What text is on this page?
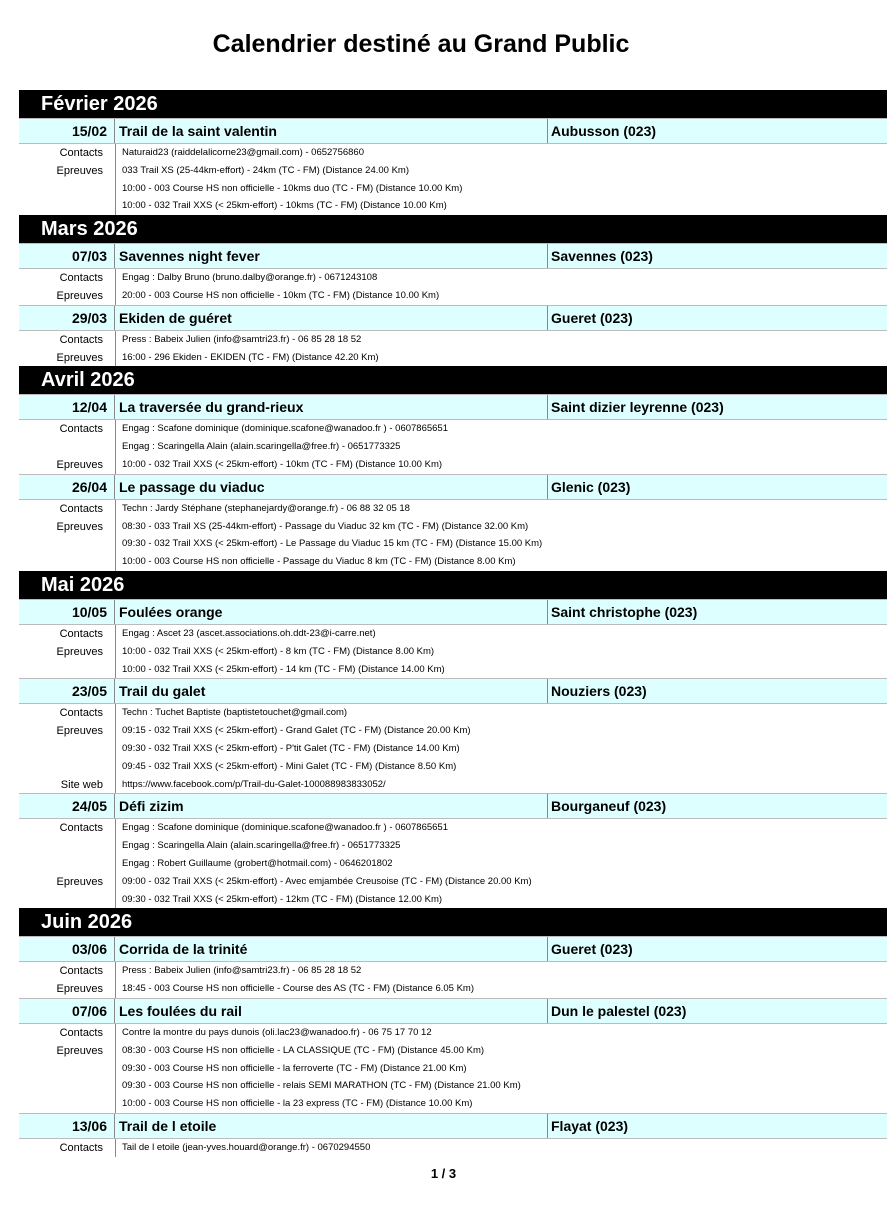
Calendrier destiné au Grand Public
Février 2026
15/02 Trail de la saint valentin	Aubusson (023)
Contacts	Naturaid23 (raiddelalicorne23@gmail.com) - 0652756860
Epreuves	033 Trail XS (25-44km-effort) - 24km (TC - FM) (Distance 24.00 Km)
10:00 - 003 Course HS non officielle - 10kms duo (TC - FM) (Distance 10.00 Km)
10:00 - 032 Trail XXS (< 25km-effort) - 10kms (TC - FM) (Distance 10.00 Km)
Mars 2026
07/03 Savennes night fever	Savennes (023)
Contacts	Engag : Dalby Bruno (bruno.dalby@orange.fr) - 0671243108
Epreuves	20:00 - 003 Course HS non officielle - 10km (TC - FM) (Distance 10.00 Km)
29/03 Ekiden de guéret	Gueret (023)
Contacts	Press : Babeix Julien (info@samtri23.fr) - 06 85 28 18 52
Epreuves	16:00 - 296 Ekiden - EKIDEN (TC - FM) (Distance 42.20 Km)
Avril 2026
12/04 La traversée du grand-rieux	Saint dizier leyrenne (023)
Contacts	Engag : Scafone dominique (dominique.scafone@wanadoo.fr ) - 0607865651
Engag : Scaringella Alain (alain.scaringella@free.fr) - 0651773325
Epreuves	10:00 - 032 Trail XXS (< 25km-effort) - 10km (TC - FM) (Distance 10.00 Km)
26/04 Le passage du viaduc	Glenic (023)
Contacts	Techn : Jardy Stéphane (stephanejardy@orange.fr) - 06 88 32 05 18
Epreuves	08:30 - 033 Trail XS (25-44km-effort) - Passage du Viaduc 32 km (TC - FM) (Distance 32.00 Km)
09:30 - 032 Trail XXS (< 25km-effort) - Le Passage du Viaduc 15 km (TC - FM) (Distance 15.00 Km)
10:00 - 003 Course HS non officielle - Passage du Viaduc 8 km (TC - FM) (Distance 8.00 Km)
Mai 2026
10/05 Foulées orange	Saint christophe (023)
Contacts	Engag : Ascet 23 (ascet.associations.oh.ddt-23@i-carre.net)
Epreuves	10:00 - 032 Trail XXS (< 25km-effort) - 8 km (TC - FM) (Distance 8.00 Km)
10:00 - 032 Trail XXS (< 25km-effort) - 14 km (TC - FM) (Distance 14.00 Km)
23/05 Trail du galet	Nouziers (023)
Contacts	Techn : Tuchet Baptiste (baptistetouchet@gmail.com)
Epreuves	09:15 - 032 Trail XXS (< 25km-effort) - Grand Galet (TC - FM) (Distance 20.00 Km)
09:30 - 032 Trail XXS (< 25km-effort) - P'tit Galet (TC - FM) (Distance 14.00 Km)
09:45 - 032 Trail XXS (< 25km-effort) - Mini Galet (TC - FM) (Distance 8.50 Km)
Site web	https://www.facebook.com/p/Trail-du-Galet-100088983833052/
24/05 Défi zizim	Bourganeuf (023)
Contacts	Engag : Scafone dominique (dominique.scafone@wanadoo.fr ) - 0607865651
Engag : Scaringella Alain (alain.scaringella@free.fr) - 0651773325
Engag : Robert Guillaume (grobert@hotmail.com) - 0646201802
Epreuves	09:00 - 032 Trail XXS (< 25km-effort) - Avec emjambée Creusoise (TC - FM) (Distance 20.00 Km)
09:30 - 032 Trail XXS (< 25km-effort) - 12km (TC - FM) (Distance 12.00 Km)
Juin 2026
03/06 Corrida de la trinité	Gueret (023)
Contacts	Press : Babeix Julien (info@samtri23.fr) - 06 85 28 18 52
Epreuves	18:45 - 003 Course HS non officielle - Course des AS (TC - FM) (Distance 6.05 Km)
07/06 Les foulées du rail	Dun le palestel (023)
Contacts	Contre la montre du pays dunois (oli.lac23@wanadoo.fr) - 06 75 17 70 12
Epreuves	08:30 - 003 Course HS non officielle - LA CLASSIQUE (TC - FM) (Distance 45.00 Km)
09:30 - 003 Course HS non officielle - la ferroverte (TC - FM) (Distance 21.00 Km)
09:30 - 003 Course HS non officielle - relais SEMI MARATHON (TC - FM) (Distance 21.00 Km)
10:00 - 003 Course HS non officielle - la 23 express (TC - FM) (Distance 10.00 Km)
13/06 Trail de l etoile	Flayat (023)
Contacts	Tail de l etoile (jean-yves.houard@orange.fr) - 0670294550
1 / 3
